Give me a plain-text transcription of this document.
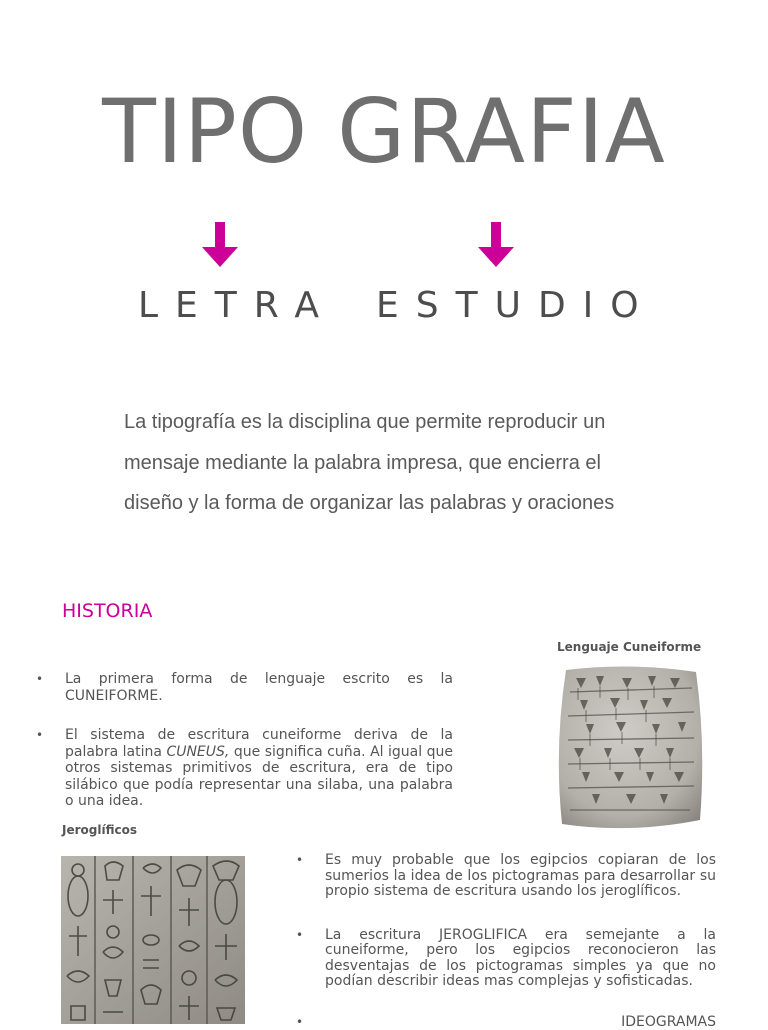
TIPO GRAFIA
LETRA ESTUDIO
La tipografía es la disciplina que permite reproducir un
mensaje mediante la palabra impresa, que encierra el
diseño y la forma de organizar las palabras y oraciones
HISTORIA
Lenguaje Cuneiforme
• La primera forma de lenguaje escrito es la CUNEIFORME.
• El sistema de escritura cuneiforme deriva de la palabra latina CUNEUS, que significa cuña. Al igual que otros sistemas primitivos de escritura, era de tipo silábico que podía representar una silaba, una palabra o una idea.
Jeroglíficos
• Es muy probable que los egipcios copiaran de los sumerios la idea de los pictogramas para desarrollar su propio sistema de escritura usando los jeroglíficos.
• La escritura JEROGLIFICA era semejante a la cuneiforme, pero los egipcios reconocieron las desventajas de los pictogramas simples ya que no podían describir ideas mas complejas y sofisticadas.
•	IDEOGRAMAS
